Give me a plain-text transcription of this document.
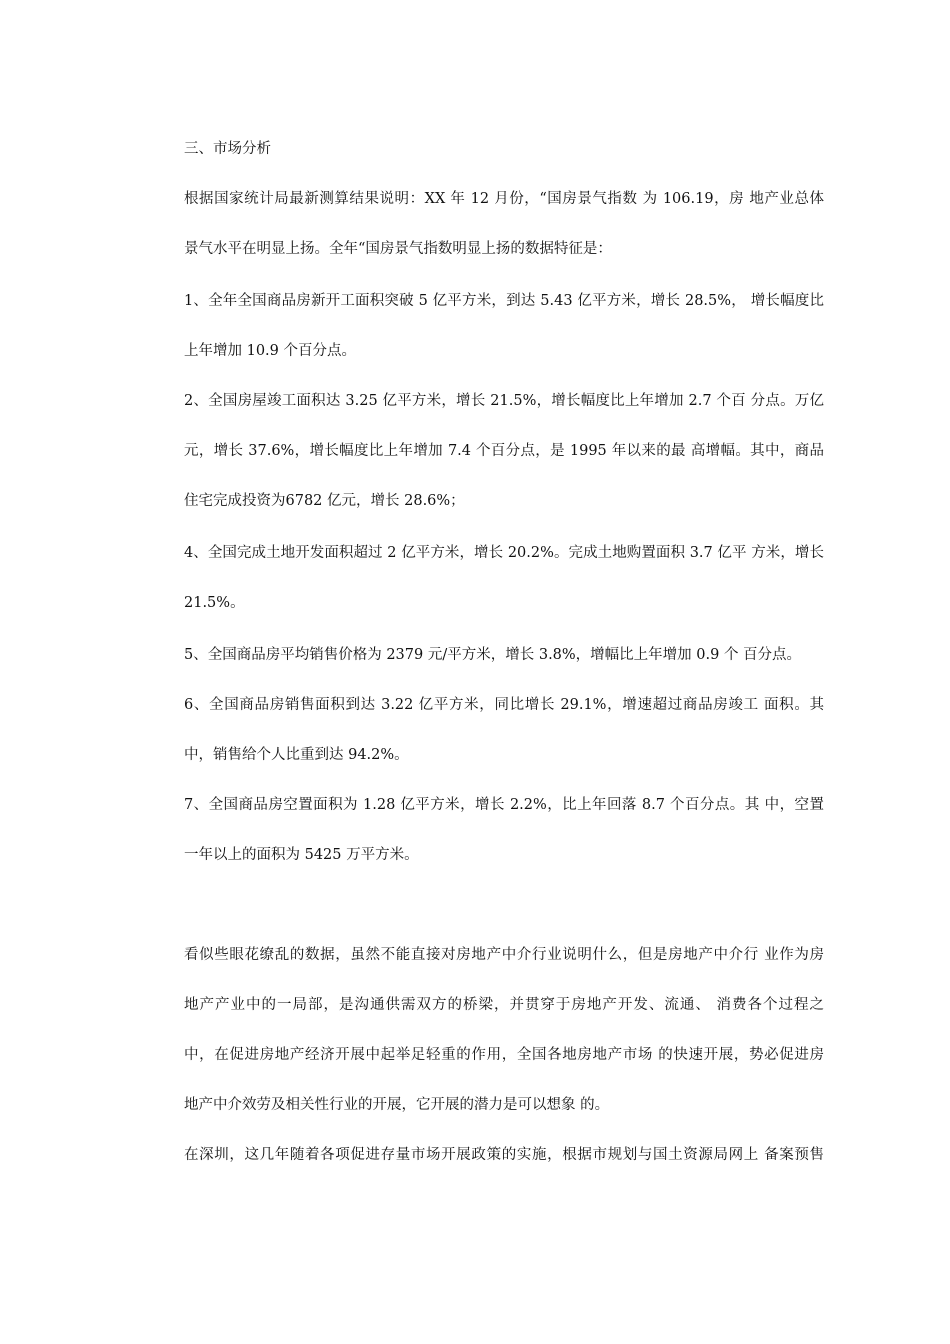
三、市场分析
根据国家统计局最新测算结果说明：XX 年 12 月份，“国房景气指数 为 106.19，房 地产业总体
景气水平在明显上扬。全年“国房景气指数明显上扬的数据特征是：
1、全年全国商品房新开工面积突破 5 亿平方米，到达 5.43 亿平方米，增长 28.5%， 增长幅度比
上年增加 10.9 个百分点。
2、全国房屋竣工面积达 3.25 亿平方米，增长 21.5%，增长幅度比上年增加 2.7 个百 分点。万亿
元，增长 37.6%，增长幅度比上年增加 7.4 个百分点，是 1995 年以来的最 高增幅。其中，商品
住宅完成投资为6782 亿元，增长 28.6%；
4、全国完成土地开发面积超过 2 亿平方米，增长 20.2%。完成土地购置面积 3.7 亿平 方米，增长
21.5%。
5、全国商品房平均销售价格为 2379 元/平方米，增长 3.8%，增幅比上年增加 0.9 个 百分点。
6、全国商品房销售面积到达 3.22 亿平方米，同比增长 29.1%，增速超过商品房竣工 面积。其
中，销售给个人比重到达 94.2%。
7、全国商品房空置面积为 1.28 亿平方米，增长 2.2%，比上年回落 8.7 个百分点。其 中，空置
一年以上的面积为 5425 万平方米。
看似些眼花缭乱的数据，虽然不能直接对房地产中介行业说明什么，但是房地产中介行 业作为房
地产产业中的一局部，是沟通供需双方的桥梁，并贯穿于房地产开发、流通、 消费各个过程之
中，在促进房地产经济开展中起举足轻重的作用，全国各地房地产市场 的快速开展，势必促进房
地产中介效劳及相关性行业的开展，它开展的潜力是可以想象 的。
在深圳，这几年随着各项促进存量市场开展政策的实施，根据市规划与国土资源局网上 备案预售
